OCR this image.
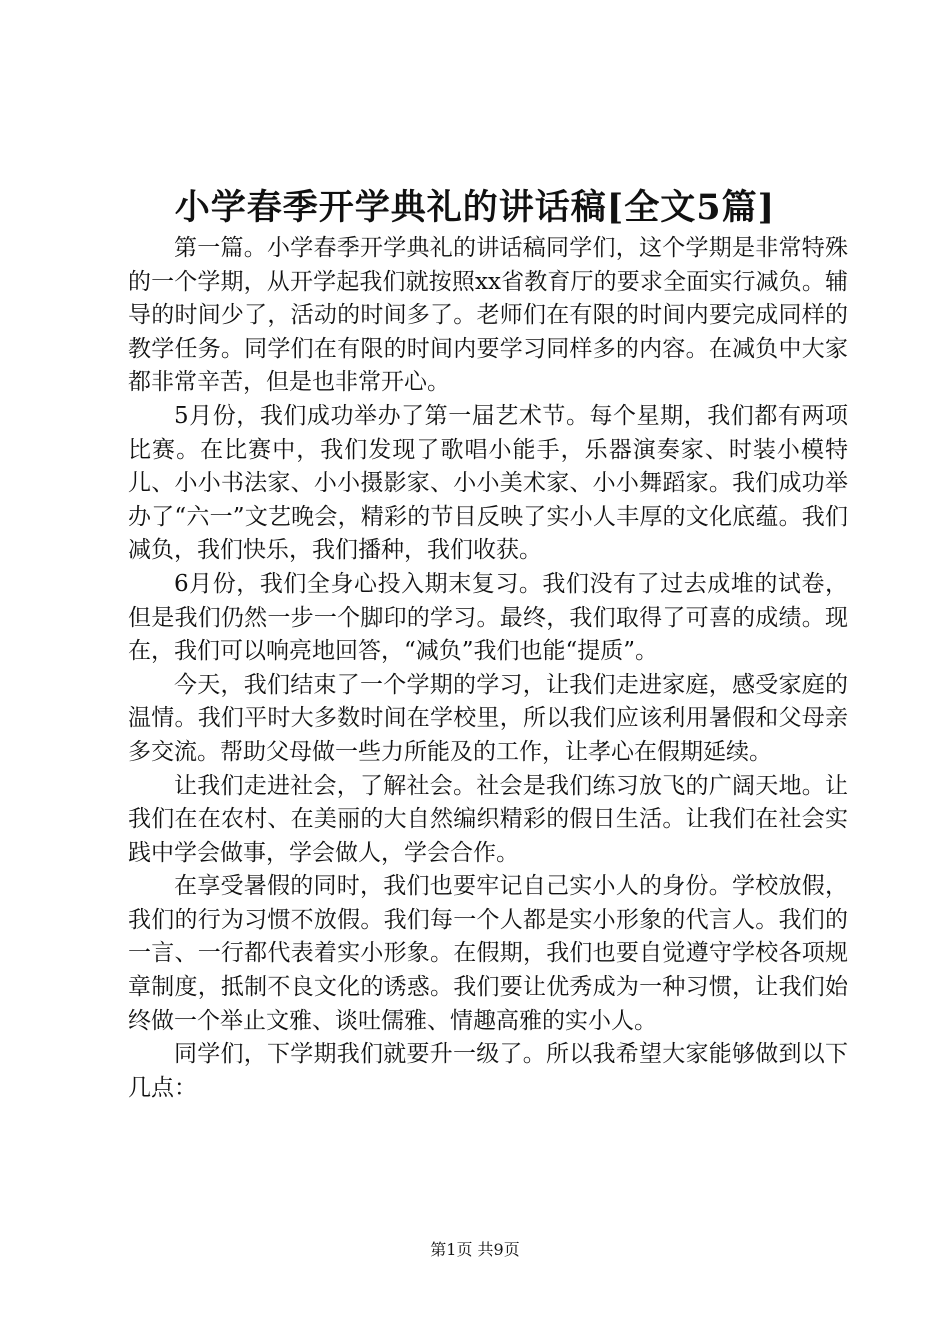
小学春季开学典礼的讲话稿[全文5篇]

第一篇。小学春季开学典礼的讲话稿同学们，这个学期是非常特殊的一个学期，从开学起我们就按照xx省教育厅的要求全面实行减负。辅导的时间少了，活动的时间多了。老师们在有限的时间内要完成同样的教学任务。同学们在有限的时间内要学习同样多的内容。在减负中大家都非常辛苦，但是也非常开心。

5月份，我们成功举办了第一届艺术节。每个星期，我们都有两项比赛。在比赛中，我们发现了歌唱小能手，乐器演奏家、时装小模特儿、小小书法家、小小摄影家、小小美术家、小小舞蹈家。我们成功举办了“六一”文艺晚会，精彩的节目反映了实小人丰厚的文化底蕴。我们减负，我们快乐，我们播种，我们收获。

6月份，我们全身心投入期末复习。我们没有了过去成堆的试卷，但是我们仍然一步一个脚印的学习。最终，我们取得了可喜的成绩。现在，我们可以响亮地回答，“减负”我们也能“提质”。

今天，我们结束了一个学期的学习，让我们走进家庭，感受家庭的温情。我们平时大多数时间在学校里，所以我们应该利用暑假和父母亲多交流。帮助父母做一些力所能及的工作，让孝心在假期延续。

让我们走进社会，了解社会。社会是我们练习放飞的广阔天地。让我们在在农村、在美丽的大自然编织精彩的假日生活。让我们在社会实践中学会做事，学会做人，学会合作。

在享受暑假的同时，我们也要牢记自己实小人的身份。学校放假，我们的行为习惯不放假。我们每一个人都是实小形象的代言人。我们的一言、一行都代表着实小形象。在假期，我们也要自觉遵守学校各项规章制度，抵制不良文化的诱惑。我们要让优秀成为一种习惯，让我们始终做一个举止文雅、谈吐儒雅、情趣高雅的实小人。

同学们，下学期我们就要升一级了。所以我希望大家能够做到以下几点：

第1页 共9页
